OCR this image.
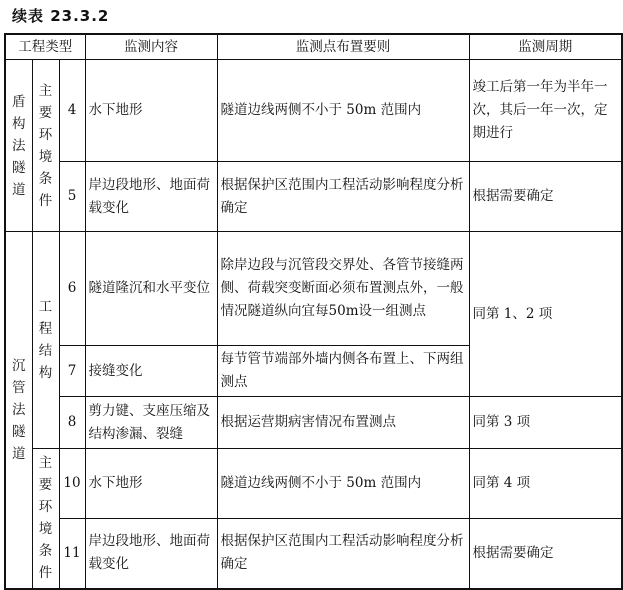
续表 23.3.2
工程类型			监测内容	监测点布置要则	监测周期

盾构法隧道	主要环境条件	4	水下地形	隧道边线两侧不小于 50m 范围内	竣工后第一年为半年一次，其后一年一次，定期进行
		5	岸边段地形、地面荷载变化	根据保护区范围内工程活动影响程度分析确定	根据需要确定

沉管法隧道	工程结构	6	隧道隆沉和水平变位	除岸边段与沉管段交界处、各管节接缝两侧、荷载突变断面必须布置测点外，一般情况隧道纵向宜每50m设一组测点	同第 1、2 项
		7	接缝变化	每节管节端部外墙内侧各布置上、下两组测点	
		8	剪力键、支座压缩及结构渗漏、裂缝	根据运营期病害情况布置测点	同第 3 项

	主要环境条件	10	水下地形	隧道边线两侧不小于 50m 范围内	同第 4 项
		11	岸边段地形、地面荷载变化	根据保护区范围内工程活动影响程度分析确定	根据需要确定
